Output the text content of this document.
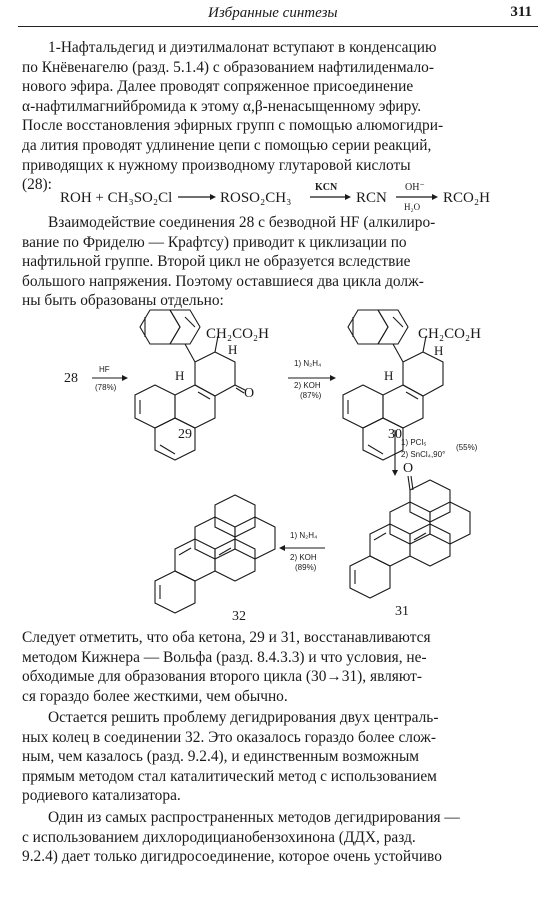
Избранные синтезы	311

1-Нафтальдегид и диэтилмалонат вступают в конденсацию
по Кнёвенагелю (разд. 5.1.4) с образованием нафтилиденмало-
нового эфира. Далее проводят сопряженное присоединение
α-нафтилмагнийбромида к этому α,β-ненасыщенному эфиру.
После восстановления эфирных групп с помощью алюмогидри-
да лития проводят удлинение цепи с помощью серии реакций,
приводящих к нужному производному глутаровой кислоты
(28):

ROH + CH₃SO₂Cl	ROSO₂CH₃
KCN
RCN
OH⁻
H₂O
RCO₂H

Взаимодействие соединения 28 с безводной HF (алкилиро-
вание по Фриделю — Крафтсу) приводит к циклизации по
нафтильной группе. Второй цикл не образуется вследствие
большого напряжения. Поэтому оставшиеся два цикла долж-
ны быть образованы отдельно:

28
HF
(78%)
CH₂CO₂H
H
H
O
1) N₂H₄
2) KOH
(87%)
CH₂CO₂H
H
H
1) PCl₅
2) SnCl₄,90°
(55%)
O
1) N₂H₄
2) KOH
(89%)
29	30
31
32

Следует отметить, что оба кетона, 29 и 31, восстанавливаются
методом Кижнера — Вольфа (разд. 8.4.3.3) и что условия, не-
обходимые для образования второго цикла (30→31), являют-
ся гораздо более жесткими, чем обычно.

Остается решить проблему дегидрирования двух централь-
ных колец в соединении 32. Это оказалось гораздо более слож-
ным, чем казалось (разд. 9.2.4), и единственным возможным
прямым методом стал каталитический метод с использованием
родиевого катализатора.

Один из самых распространенных методов дегидрирования —
с использованием дихлородицианобензохинона (ДДХ, разд.
9.2.4) дает только дигидросоединение, которое очень устойчиво
